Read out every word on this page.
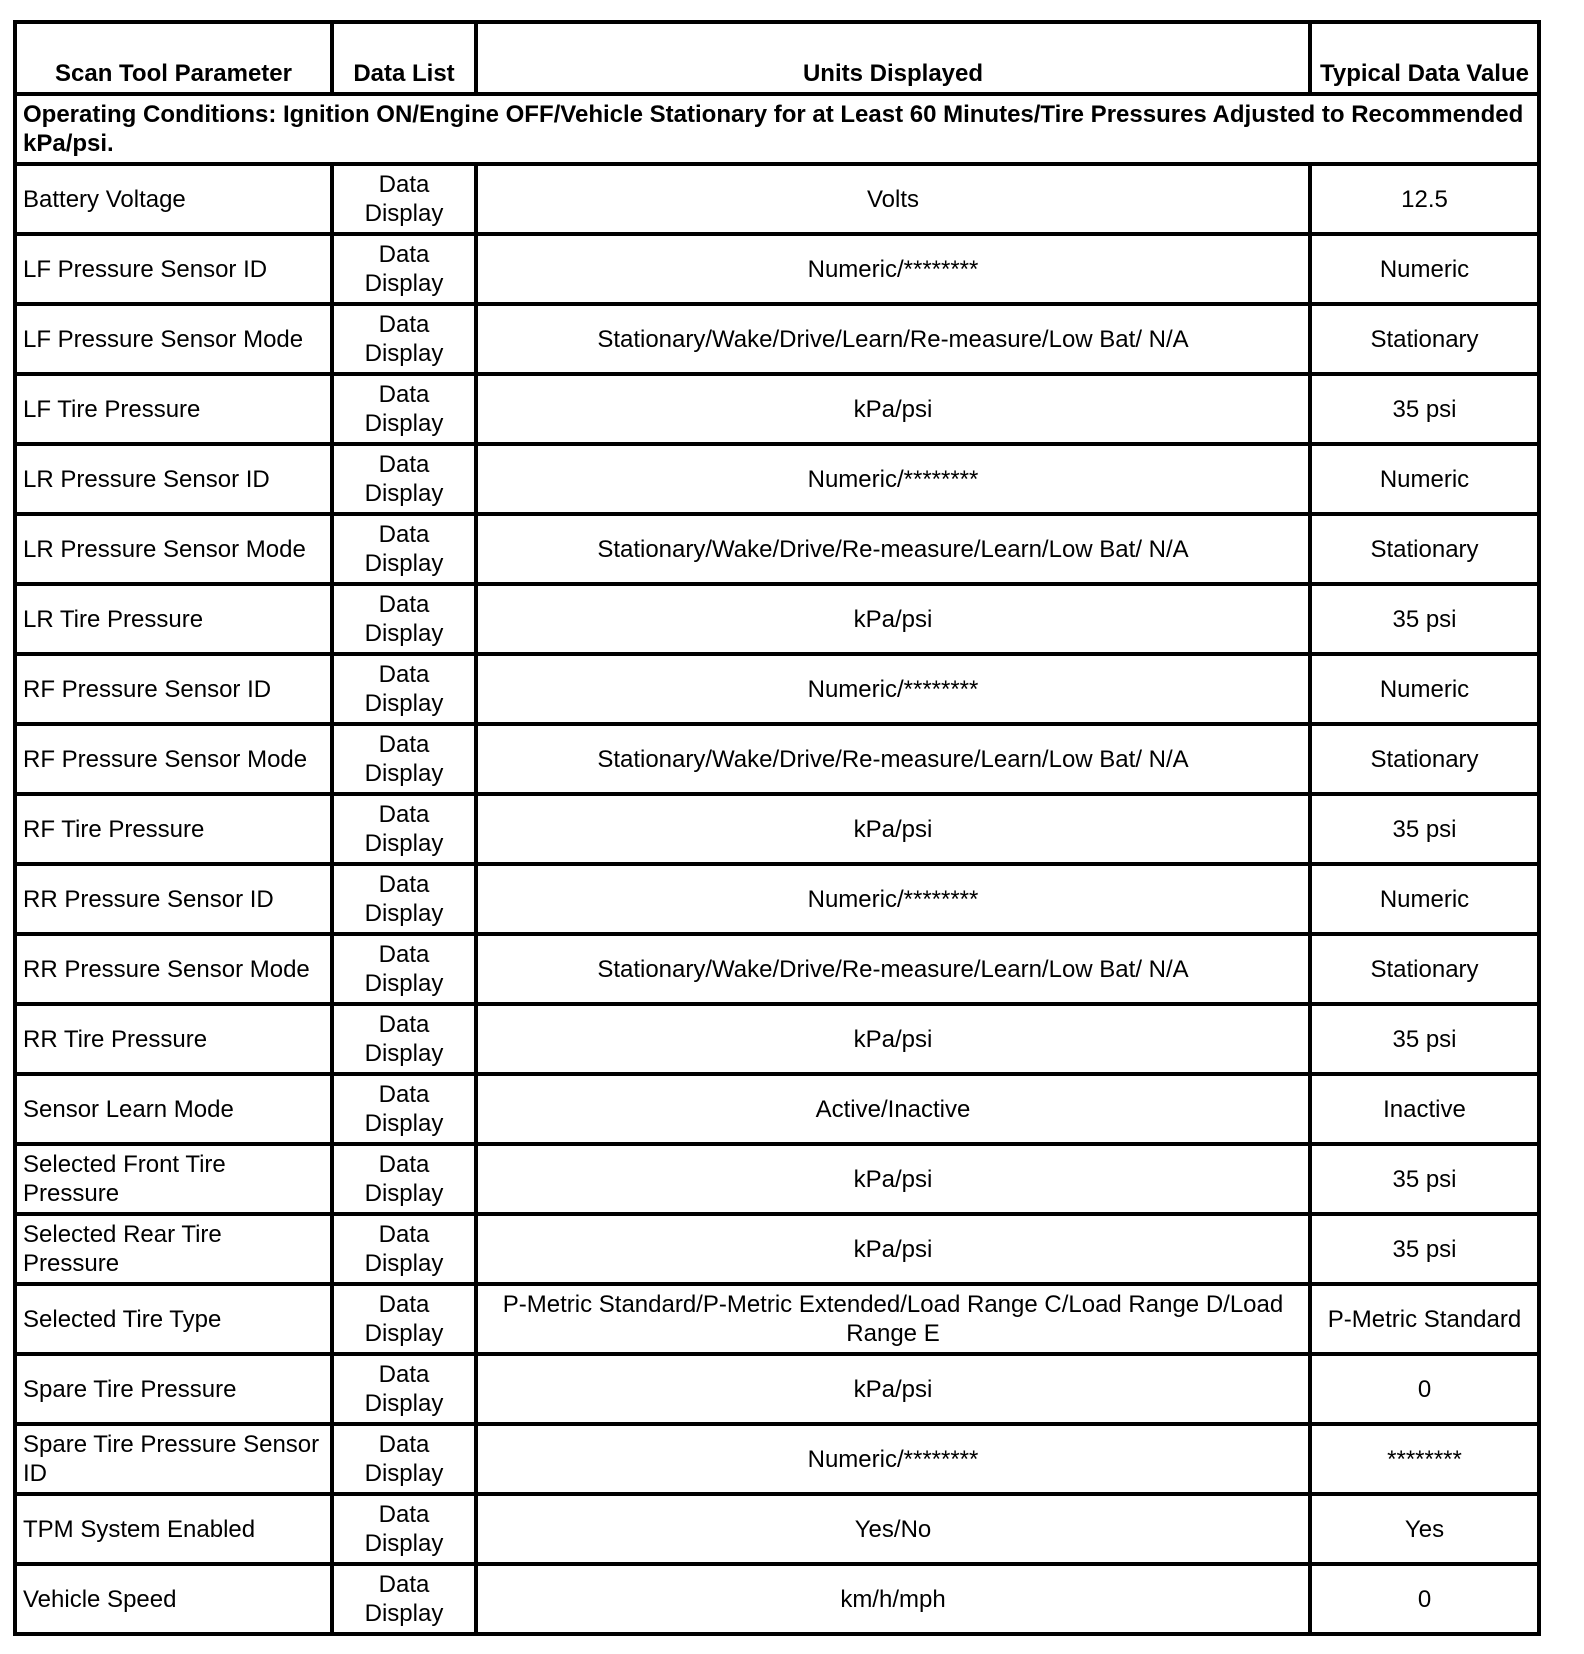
Scan Tool Parameter	Data List	Units Displayed	Typical Data Value
Operating Conditions: Ignition ON/Engine OFF/Vehicle Stationary for at Least 60 Minutes/Tire Pressures Adjusted to Recommended kPa/psi.			
Battery Voltage	Data Display	Volts	12.5
LF Pressure Sensor ID	Data Display	Numeric/********	Numeric
LF Pressure Sensor Mode	Data Display	Stationary/Wake/Drive/Learn/Re-measure/Low Bat/ N/A	Stationary
LF Tire Pressure	Data Display	kPa/psi	35 psi
LR Pressure Sensor ID	Data Display	Numeric/********	Numeric
LR Pressure Sensor Mode	Data Display	Stationary/Wake/Drive/Re-measure/Learn/Low Bat/ N/A	Stationary
LR Tire Pressure	Data Display	kPa/psi	35 psi
RF Pressure Sensor ID	Data Display	Numeric/********	Numeric
RF Pressure Sensor Mode	Data Display	Stationary/Wake/Drive/Re-measure/Learn/Low Bat/ N/A	Stationary
RF Tire Pressure	Data Display	kPa/psi	35 psi
RR Pressure Sensor ID	Data Display	Numeric/********	Numeric
RR Pressure Sensor Mode	Data Display	Stationary/Wake/Drive/Re-measure/Learn/Low Bat/ N/A	Stationary
RR Tire Pressure	Data Display	kPa/psi	35 psi
Sensor Learn Mode	Data Display	Active/Inactive	Inactive
Selected Front Tire Pressure	Data Display	kPa/psi	35 psi
Selected Rear Tire Pressure	Data Display	kPa/psi	35 psi
Selected Tire Type	Data Display	P-Metric Standard/P-Metric Extended/Load Range C/Load Range D/Load Range E	P-Metric Standard
Spare Tire Pressure	Data Display	kPa/psi	0
Spare Tire Pressure Sensor ID	Data Display	Numeric/********	********
TPM System Enabled	Data Display	Yes/No	Yes
Vehicle Speed	Data Display	km/h/mph	0
